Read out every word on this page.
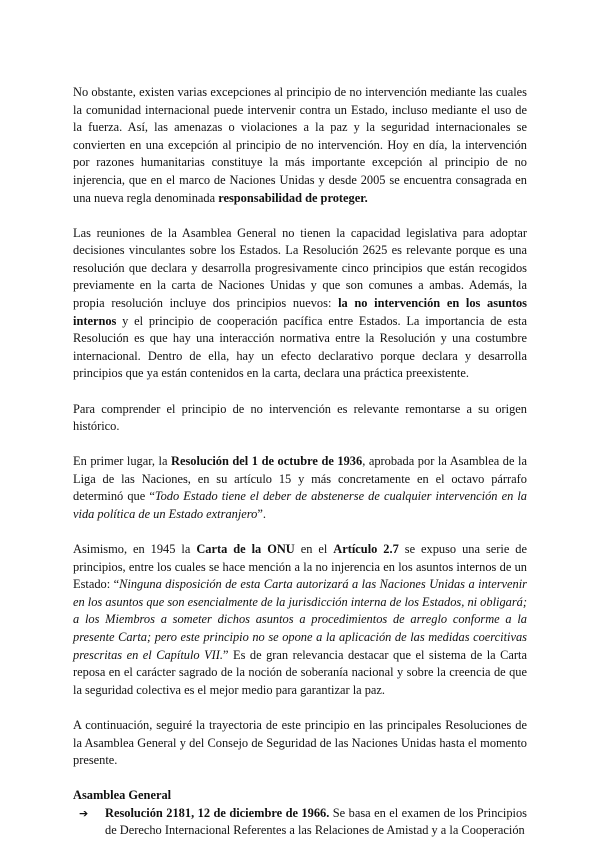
No obstante, existen varias excepciones al principio de no intervención mediante las cuales la comunidad internacional puede intervenir contra un Estado, incluso mediante el uso de la fuerza. Así, las amenazas o violaciones a la paz y la seguridad internacionales se convierten en una excepción al principio de no intervención. Hoy en día, la intervención por razones humanitarias constituye la más importante excepción al principio de no injerencia, que en el marco de Naciones Unidas y desde 2005 se encuentra consagrada en una nueva regla denominada responsabilidad de proteger.

Las reuniones de la Asamblea General no tienen la capacidad legislativa para adoptar decisiones vinculantes sobre los Estados. La Resolución 2625 es relevante porque es una resolución que declara y desarrolla progresivamente cinco principios que están recogidos previamente en la carta de Naciones Unidas y que son comunes a ambas. Además, la propia resolución incluye dos principios nuevos: la no intervención en los asuntos internos y el principio de cooperación pacífica entre Estados. La importancia de esta Resolución es que hay una interacción normativa entre la Resolución y una costumbre internacional. Dentro de ella, hay un efecto declarativo porque declara y desarrolla principios que ya están contenidos en la carta, declara una práctica preexistente.

Para comprender el principio de no intervención es relevante remontarse a su origen histórico.

En primer lugar, la Resolución del 1 de octubre de 1936, aprobada por la Asamblea de la Liga de las Naciones, en su artículo 15 y más concretamente en el octavo párrafo determinó que “Todo Estado tiene el deber de abstenerse de cualquier intervención en la vida política de un Estado extranjero”.

Asimismo, en 1945 la Carta de la ONU en el Artículo 2.7 se expuso una serie de principios, entre los cuales se hace mención a la no injerencia en los asuntos internos de un Estado: “Ninguna disposición de esta Carta autorizará a las Naciones Unidas a intervenir en los asuntos que son esencialmente de la jurisdicción interna de los Estados, ni obligará; a los Miembros a someter dichos asuntos a procedimientos de arreglo conforme a la presente Carta; pero este principio no se opone a la aplicación de las medidas coercitivas prescritas en el Capítulo VII.” Es de gran relevancia destacar que el sistema de la Carta reposa en el carácter sagrado de la noción de soberanía nacional y sobre la creencia de que la seguridad colectiva es el mejor medio para garantizar la paz.

A continuación, seguiré la trayectoria de este principio en las principales Resoluciones de la Asamblea General y del Consejo de Seguridad de las Naciones Unidas hasta el momento presente.

Asamblea General
➔	Resolución 2181, 12 de diciembre de 1966. Se basa en el examen de los Principios de Derecho Internacional Referentes a las Relaciones de Amistad y a la Cooperación
